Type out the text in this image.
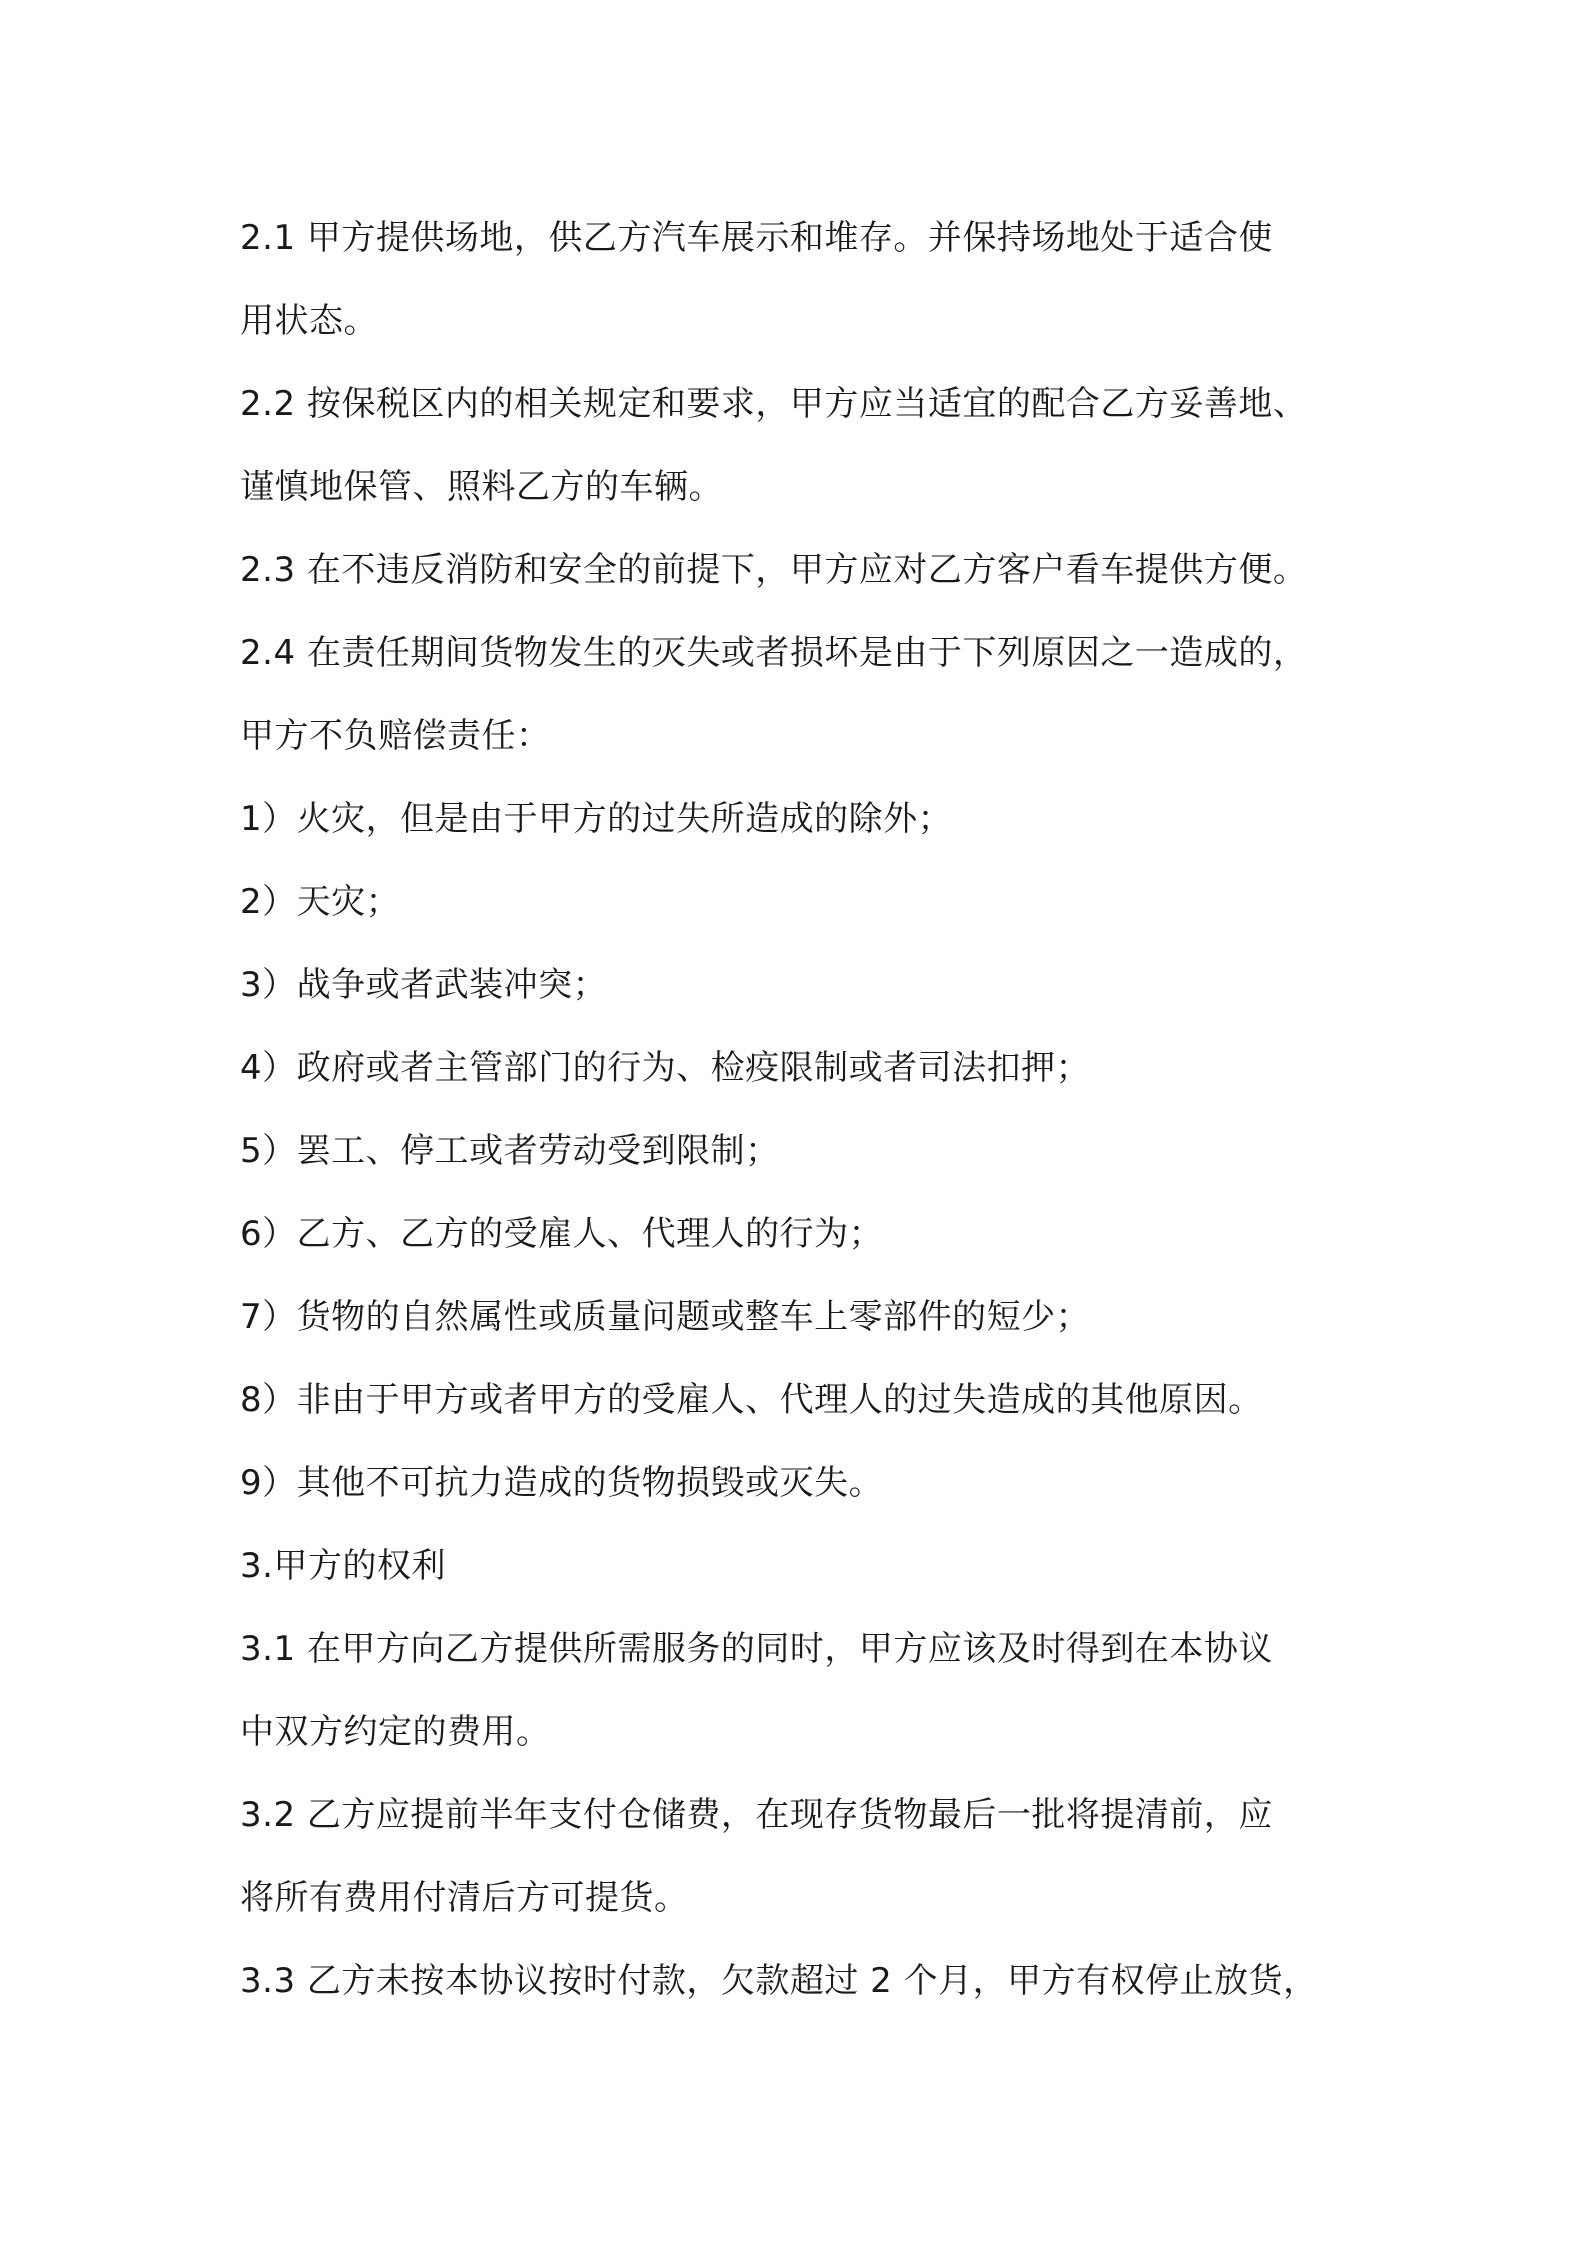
2.1 甲方提供场地，供乙方汽车展示和堆存。并保持场地处于适合使
用状态。
2.2 按保税区内的相关规定和要求，甲方应当适宜的配合乙方妥善地、
谨慎地保管、照料乙方的车辆。
2.3 在不违反消防和安全的前提下，甲方应对乙方客户看车提供方便。
2.4 在责任期间货物发生的灭失或者损坏是由于下列原因之一造成的，
甲方不负赔偿责任：
1）火灾，但是由于甲方的过失所造成的除外；
2）天灾；
3）战争或者武装冲突；
4）政府或者主管部门的行为、检疫限制或者司法扣押；
5）罢工、停工或者劳动受到限制；
6）乙方、乙方的受雇人、代理人的行为；
7）货物的自然属性或质量问题或整车上零部件的短少；
8）非由于甲方或者甲方的受雇人、代理人的过失造成的其他原因。
9）其他不可抗力造成的货物损毁或灭失。
3.甲方的权利
3.1 在甲方向乙方提供所需服务的同时，甲方应该及时得到在本协议
中双方约定的费用。
3.2 乙方应提前半年支付仓储费，在现存货物最后一批将提清前，应
将所有费用付清后方可提货。
3.3 乙方未按本协议按时付款，欠款超过 2 个月，甲方有权停止放货，
